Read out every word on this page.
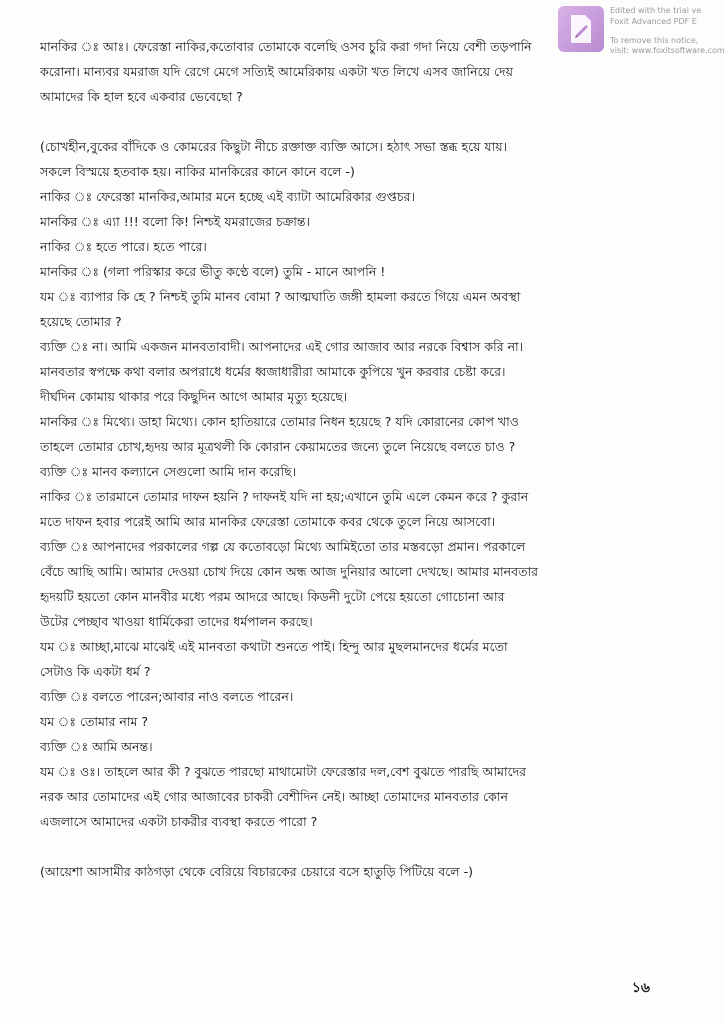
মানকির ঃ আঃ। ফেরেস্তা নাকির,কতোবার তোমাকে বলেছি ওসব চুরি করা গদা নিয়ে বেশী তড়পানি
করোনা। মান্যবর যমরাজ যদি রেগে মেগে সত্যিই আমেরিকায় একটা খত লিখে এসব জানিয়ে দেয়
আমাদের কি হাল হবে একবার ভেবেছো ?
(চোখহীন,বুকের বাঁদিকে ও কোমরের কিছুটা নীচে রক্তাক্ত ব্যক্তি আসে। হঠাৎ সভা স্তব্ধ হয়ে যায়।
সকলে বিস্ময়ে হতবাক হয়। নাকির মানকিরের কানে কানে বলে -)
নাকির ঃ ফেরেস্তা মানকির,আমার মনে হচ্ছে এই ব্যাটা আমেরিকার গুপ্তচর।
মানকির ঃ এ্যা !!! বলো কি! নিশ্চই যমরাজের চক্রান্ত।
নাকির ঃ হতে পারে। হতে পারে।
মানকির ঃ (গলা পরিস্কার করে ভীতু কণ্ঠে বলে) তুমি - মানে আপনি !
যম ঃ ব্যাপার কি হে ? নিশ্চই তুমি মানব বোমা ? আত্মঘাতি জঙ্গী হামলা করতে গিয়ে এমন অবস্থা
হয়েছে তোমার ?
ব্যক্তি ঃ না। আমি একজন মানবতাবাদী। আপনাদের এই গোর আজাব আর নরকে বিশ্বাস করি না।
মানবতার স্বপক্ষে কথা বলার অপরাধে ধর্মের ধ্বজাধারীরা আমাকে কুপিয়ে খুন করবার চেষ্টা করে।
দীর্ঘদিন কোমায় থাকার পরে কিছুদিন আগে আমার মৃত্যু হয়েছে।
মানকির ঃ মিথ্যে। ডাহা মিথ্যে। কোন হাতিয়ারে তোমার নিধন হয়েছে ? যদি কোরানের কোপ খাও
তাহলে তোমার চোখ,হৃদয় আর মূত্রথলী কি কোরান কেয়ামতের জন্যে তুলে নিয়েছে বলতে চাও ?
ব্যক্তি ঃ মানব কল্যানে সেগুলো আমি দান করেছি।
নাকির ঃ তারমানে তোমার দাফন হয়নি ? দাফনই যদি না হয়;এখানে তুমি এলে কেমন করে ? কুরান
মতে দাফন হবার পরেই আমি আর মানকির ফেরেস্তা তোমাকে কবর থেকে তুলে নিয়ে আসবো।
ব্যক্তি ঃ আপনাদের পরকালের গল্প যে কতোবড়ো মিথ্যে আমিইতো তার মস্তবড়ো প্রমান। পরকালে
বেঁচে আছি আমি। আমার দেওয়া চোখ দিয়ে কোন অন্ধ আজ দুনিয়ার আলো দেখছে। আমার মানবতার
হৃদয়টি হয়তো কোন মানবীর মধ্যে পরম আদরে আছে। কিডনী দুটো পেয়ে হয়তো গোচোনা আর
উটের পেচ্ছাব খাওয়া ধার্মিকেরা তাদের ধর্মপালন করছে।
যম ঃ আচ্ছা,মাঝে মাঝেই এই মানবতা কথাটা শুনতে পাই। হিন্দু আর মুছলমানদের ধর্মের মতো
সেটাও কি একটা ধর্ম ?
ব্যক্তি ঃ বলতে পারেন;আবার নাও বলতে পারেন।
যম ঃ তোমার নাম ?
ব্যক্তি ঃ আমি অনন্ত।
যম ঃ ওঃ। তাহলে আর কী ? বুঝতে পারছো মাথামোটা ফেরেস্তার দল,বেশ বুঝতে পারছি আমাদের
নরক আর তোমাদের এই গোর আজাবের চাকরী বেশীদিন নেই। আচ্ছা তোমাদের মানবতার কোন
এজলাসে আমাদের একটা চাকরীর ব্যবস্থা করতে পারো ?
(আয়েশা আসামীর কাঠগড়া থেকে বেরিয়ে বিচারকের চেয়ারে বসে হাতুড়ি পিটিয়ে বলে -)
Edited with the trial ve
Foxit Advanced PDF E
To remove this notice,
visit: www.foxitsoftware.com
১৬
